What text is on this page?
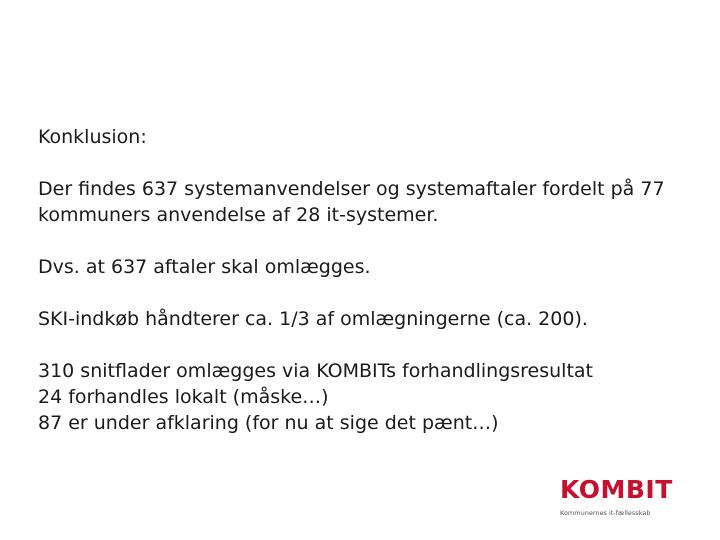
Konklusion:

Der findes 637 systemanvendelser og systemaftaler fordelt på 77
kommuners anvendelse af 28 it-systemer.

Dvs. at 637 aftaler skal omlægges.

SKI-indkøb håndterer ca. 1/3 af omlægningerne (ca. 200).

310 snitflader omlægges via KOMBITs forhandlingsresultat
24 forhandles lokalt (måske…)
87 er under afklaring (for nu at sige det pænt…)

KOMBIT
Kommunernes it-fællesskab
